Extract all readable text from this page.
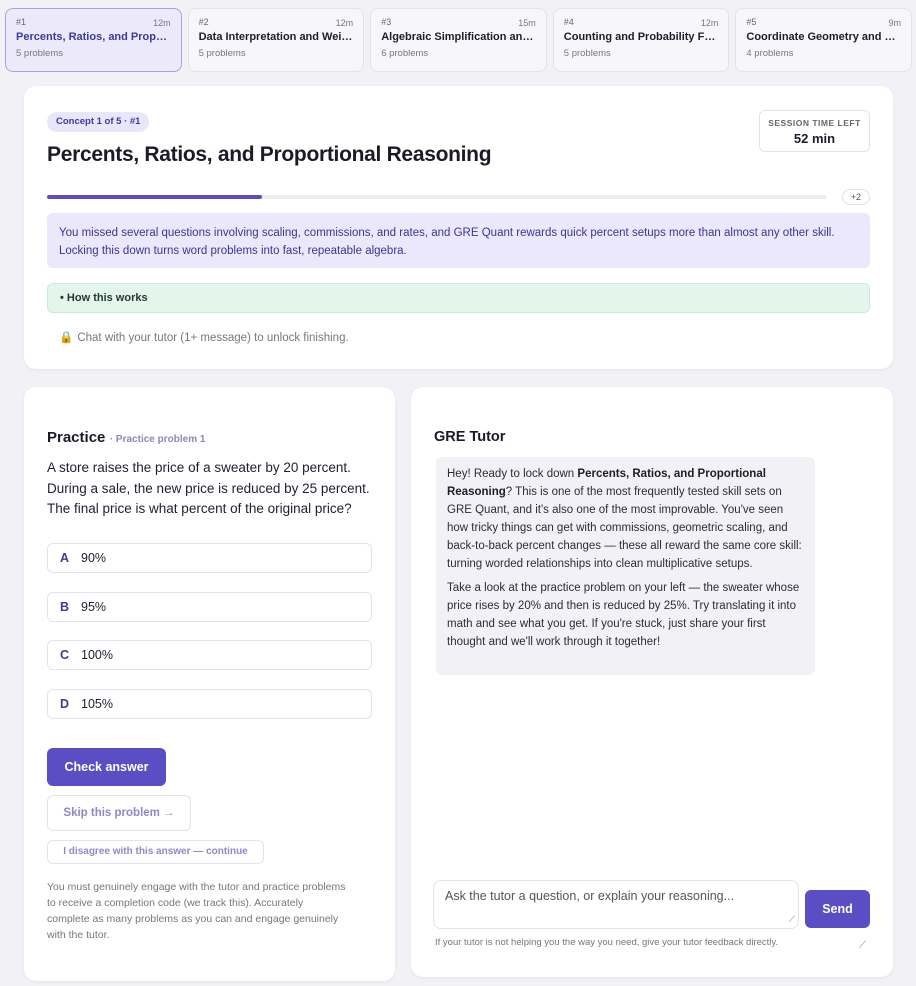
#1	12m
Percents, Ratios, and Prop…
5 problems
#2	12m
Data Interpretation and Wei…
5 problems
#3	15m
Algebraic Simplification an…
6 problems
#4	12m
Counting and Probability F…
5 problems
#5	9m
Coordinate Geometry and …
4 problems
Concept 1 of 5 · #1
Percents, Ratios, and Proportional Reasoning
SESSION TIME LEFT
52 min
+2
You missed several questions involving scaling, commissions, and rates, and GRE Quant rewards quick percent setups more than almost any other skill. Locking this down turns word problems into fast, repeatable algebra.
• How this works
🔒 Chat with your tutor (1+ message) to unlock finishing.
Practice · Practice problem 1
A store raises the price of a sweater by 20 percent. During a sale, the new price is reduced by 25 percent. The final price is what percent of the original price?
A 90%
B 95%
C 100%
D 105%
Check answer
Skip this problem →
I disagree with this answer — continue
You must genuinely engage with the tutor and practice problems to receive a completion code (we track this). Accurately complete as many problems as you can and engage genuinely with the tutor.
GRE Tutor

Hey! Ready to lock down Percents, Ratios, and Proportional Reasoning? This is one of the most frequently tested skill sets on GRE Quant, and it's also one of the most improvable. You've seen how tricky things can get with commissions, geometric scaling, and back-to-back percent changes — these all reward the same core skill: turning worded relationships into clean multiplicative setups.

Take a look at the practice problem on your left — the sweater whose price rises by 20% and then is reduced by 25%. Try translating it into math and see what you get. If you're stuck, just share your first thought and we'll work through it together!

Ask the tutor a question, or explain your reasoning...
⟋
Send
If your tutor is not helping you the way you need, give your tutor feedback directly.	⟋
